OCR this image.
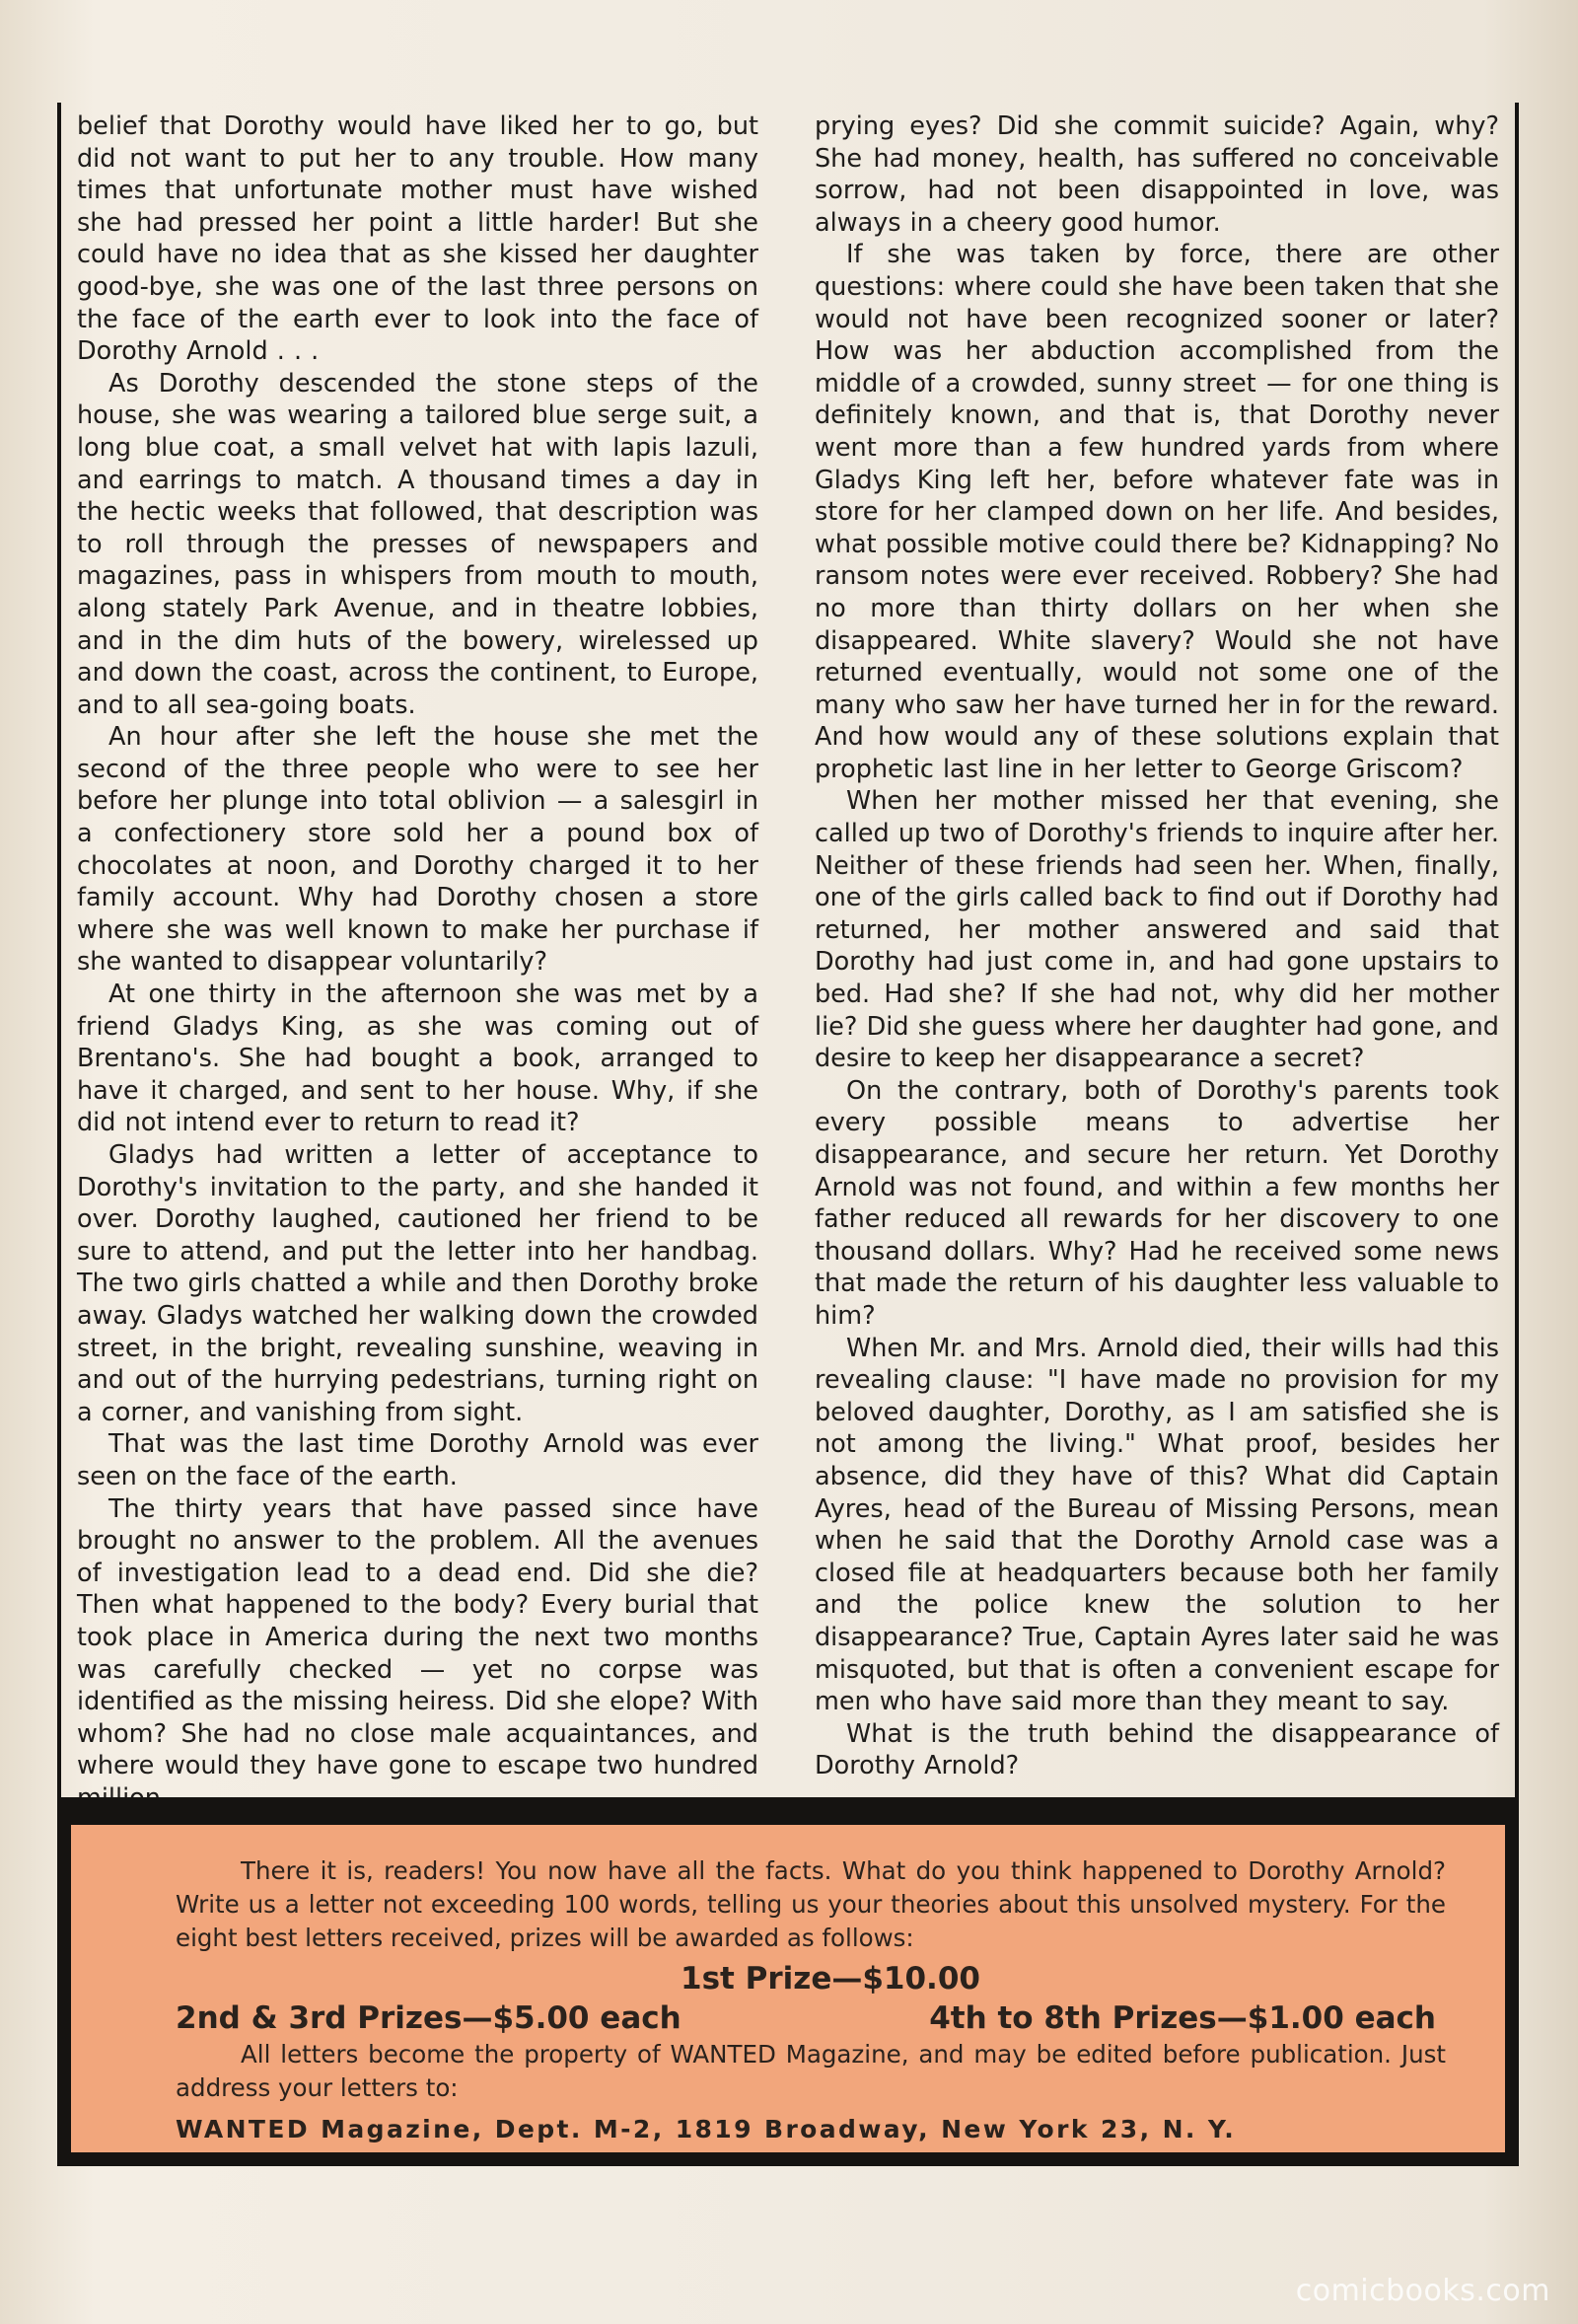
belief that Dorothy would have liked her to go, but did not want to put her to any trouble. How many times that unfortunate mother must have wished she had pressed her point a little harder! But she could have no idea that as she kissed her daughter good-bye, she was one of the last three persons on the face of the earth ever to look into the face of Dorothy Arnold . . .

As Dorothy descended the stone steps of the house, she was wearing a tailored blue serge suit, a long blue coat, a small velvet hat with lapis lazuli, and earrings to match. A thousand times a day in the hectic weeks that followed, that description was to roll through the presses of newspapers and magazines, pass in whispers from mouth to mouth, along stately Park Avenue, and in theatre lobbies, and in the dim huts of the bowery, wirelessed up and down the coast, across the continent, to Europe, and to all sea-going boats.

An hour after she left the house she met the second of the three people who were to see her before her plunge into total oblivion — a salesgirl in a confectionery store sold her a pound box of chocolates at noon, and Dorothy charged it to her family account. Why had Dorothy chosen a store where she was well known to make her purchase if she wanted to disappear voluntarily?

At one thirty in the afternoon she was met by a friend Gladys King, as she was coming out of Brentano's. She had bought a book, arranged to have it charged, and sent to her house. Why, if she did not intend ever to return to read it?

Gladys had written a letter of acceptance to Dorothy's invitation to the party, and she handed it over. Dorothy laughed, cautioned her friend to be sure to attend, and put the letter into her handbag. The two girls chatted a while and then Dorothy broke away. Gladys watched her walking down the crowded street, in the bright, revealing sunshine, weaving in and out of the hurrying pedestrians, turning right on a corner, and vanishing from sight.

That was the last time Dorothy Arnold was ever seen on the face of the earth.

The thirty years that have passed since have brought no answer to the problem. All the avenues of investigation lead to a dead end. Did she die? Then what happened to the body? Every burial that took place in America during the next two months was carefully checked — yet no corpse was identified as the missing heiress. Did she elope? With whom? She had no close male acquaintances, and where would they have gone to escape two hundred

prying eyes? Did she commit suicide? Again, why? She had money, health, has suffered no conceivable sorrow, had not been disappointed in love, was always in a cheery good humor.

If she was taken by force, there are other questions: where could she have been taken that she would not have been recognized sooner or later? How was her abduction accomplished from the middle of a crowded, sunny street — for one thing is definitely known, and that is, that Dorothy never went more than a few hundred yards from where Gladys King left her, before whatever fate was in store for her clamped down on her life. And besides, what possible motive could there be? Kidnapping? No ransom notes were ever received. Robbery? She had no more than thirty dollars on her when she disappeared. White slavery? Would she not have returned eventually, would not some one of the many who saw her have turned her in for the reward. And how would any of these solutions explain that prophetic last line in her letter to George Griscom?

When her mother missed her that evening, she called up two of Dorothy's friends to inquire after her. Neither of these friends had seen her. When, finally, one of the girls called back to find out if Dorothy had returned, her mother answered and said that Dorothy had just come in, and had gone upstairs to bed. Had she? If she had not, why did her mother lie? Did she guess where her daughter had gone, and desire to keep her disappearance a secret?

On the contrary, both of Dorothy's parents took every possible means to advertise her disappearance, and secure her return. Yet Dorothy Arnold was not found, and within a few months her father reduced all rewards for her discovery to one thousand dollars. Why? Had he received some news that made the return of his daughter less valuable to him?

When Mr. and Mrs. Arnold died, their wills had this revealing clause: "I have made no provision for my beloved daughter, Dorothy, as I am satisfied she is not among the living." What proof, besides her absence, did they have of this? What did Captain Ayres, head of the Bureau of Missing Persons, mean when he said that the Dorothy Arnold case was a closed file at headquarters because both her family and the police knew the solution to her disappearance? True, Captain Ayres later said he was misquoted, but that is often a convenient escape for men who have said more than they meant to say.

What is the truth behind the disappearance of Dorothy Arnold?

There it is, readers! You now have all the facts. What do you think happened to Dorothy Arnold? Write us a letter not exceeding 100 words, telling us your theories about this unsolved mystery. For the eight best letters received, prizes will be awarded as follows:

1st Prize—$10.00
2nd & 3rd Prizes—$5.00 each	4th to 8th Prizes—$1.00 each

All letters become the property of WANTED Magazine, and may be edited before publication. Just address your letters to:

WANTED Magazine, Dept. M-2, 1819 Broadway, New York 23, N. Y.

comicbooks.com
